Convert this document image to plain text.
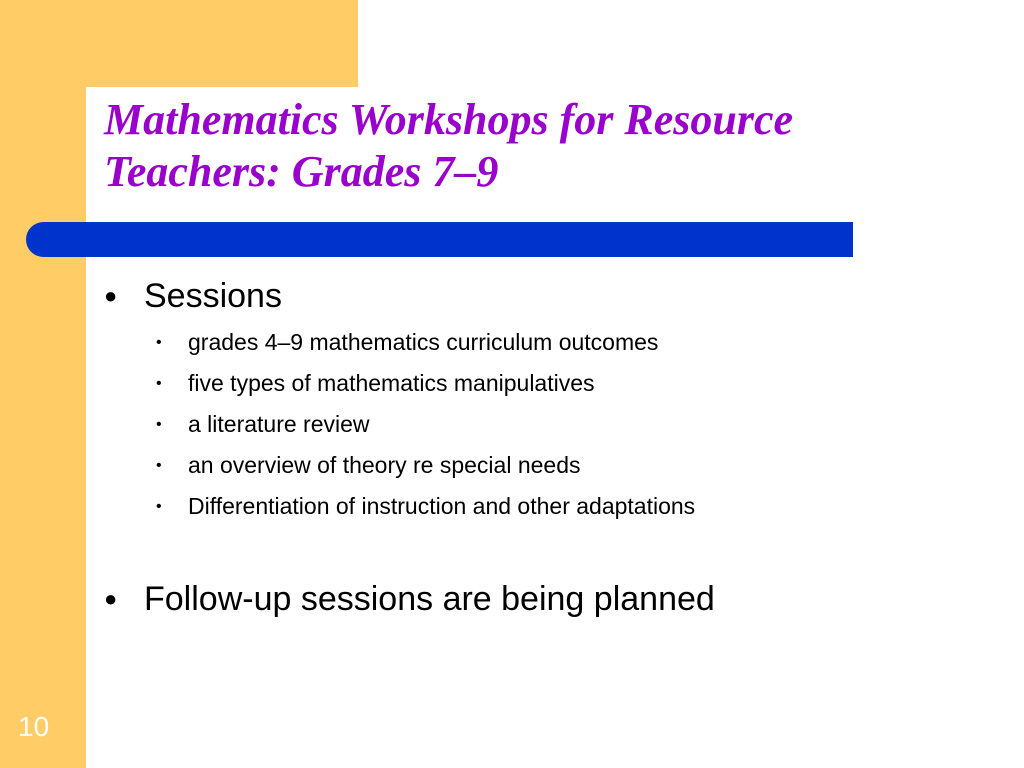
Mathematics Workshops for Resource
Teachers: Grades 7–9
● Sessions
• grades 4–9 mathematics curriculum outcomes
• five types of mathematics manipulatives
• a literature review
• an overview of theory re special needs
• Differentiation of instruction and other adaptations
● Follow-up sessions are being planned
10
